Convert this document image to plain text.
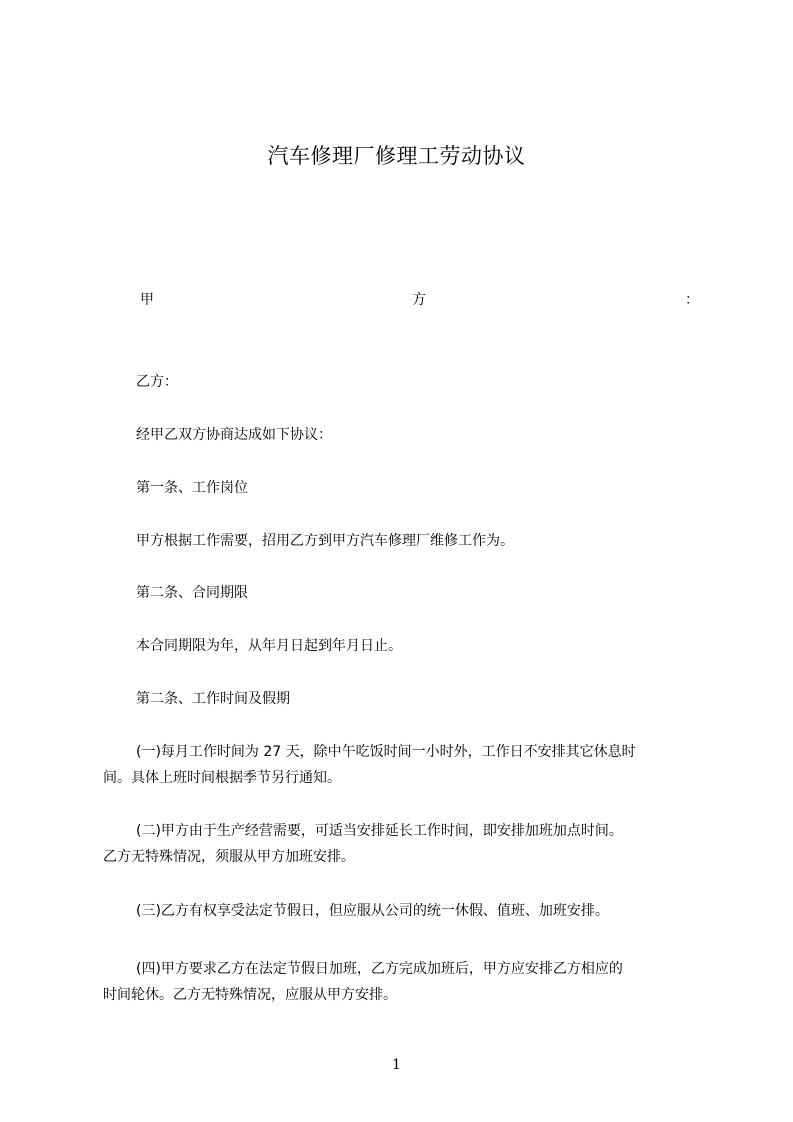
汽车修理厂修理工劳动协议
甲	方	：
乙方：
经甲乙双方协商达成如下协议：
第一条、工作岗位
甲方根据工作需要，招用乙方到甲方汽车修理厂维修工作为。
第二条、合同期限
本合同期限为年，从年月日起到年月日止。
第二条、工作时间及假期
(一)每月工作时间为 27 天，除中午吃饭时间一小时外，工作日不安排其它休息时
间。具体上班时间根据季节另行通知。
(二)甲方由于生产经营需要，可适当安排延长工作时间，即安排加班加点时间。
乙方无特殊情况，须服从甲方加班安排。
(三)乙方有权享受法定节假日，但应服从公司的统一休假、值班、加班安排。
(四)甲方要求乙方在法定节假日加班，乙方完成加班后，甲方应安排乙方相应的
时间轮休。乙方无特殊情况，应服从甲方安排。
1
